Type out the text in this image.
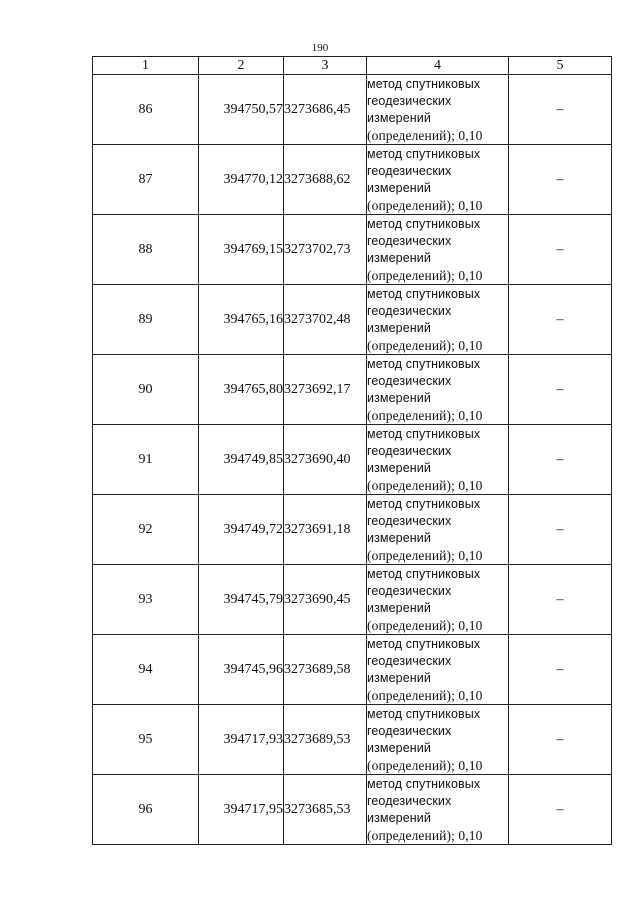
190
1	2	3	4	5
86	394750,57	3273686,45	метод спутниковых
геодезических
измерений
(определений); 0,10	–
87	394770,12	3273688,62	метод спутниковых
геодезических
измерений
(определений); 0,10	–
88	394769,15	3273702,73	метод спутниковых
геодезических
измерений
(определений); 0,10	–
89	394765,16	3273702,48	метод спутниковых
геодезических
измерений
(определений); 0,10	–
90	394765,80	3273692,17	метод спутниковых
геодезических
измерений
(определений); 0,10	–
91	394749,85	3273690,40	метод спутниковых
геодезических
измерений
(определений); 0,10	–
92	394749,72	3273691,18	метод спутниковых
геодезических
измерений
(определений); 0,10	–
93	394745,79	3273690,45	метод спутниковых
геодезических
измерений
(определений); 0,10	–
94	394745,96	3273689,58	метод спутниковых
геодезических
измерений
(определений); 0,10	–
95	394717,93	3273689,53	метод спутниковых
геодезических
измерений
(определений); 0,10	–
96	394717,95	3273685,53	метод спутниковых
геодезических
измерений
(определений); 0,10	–
